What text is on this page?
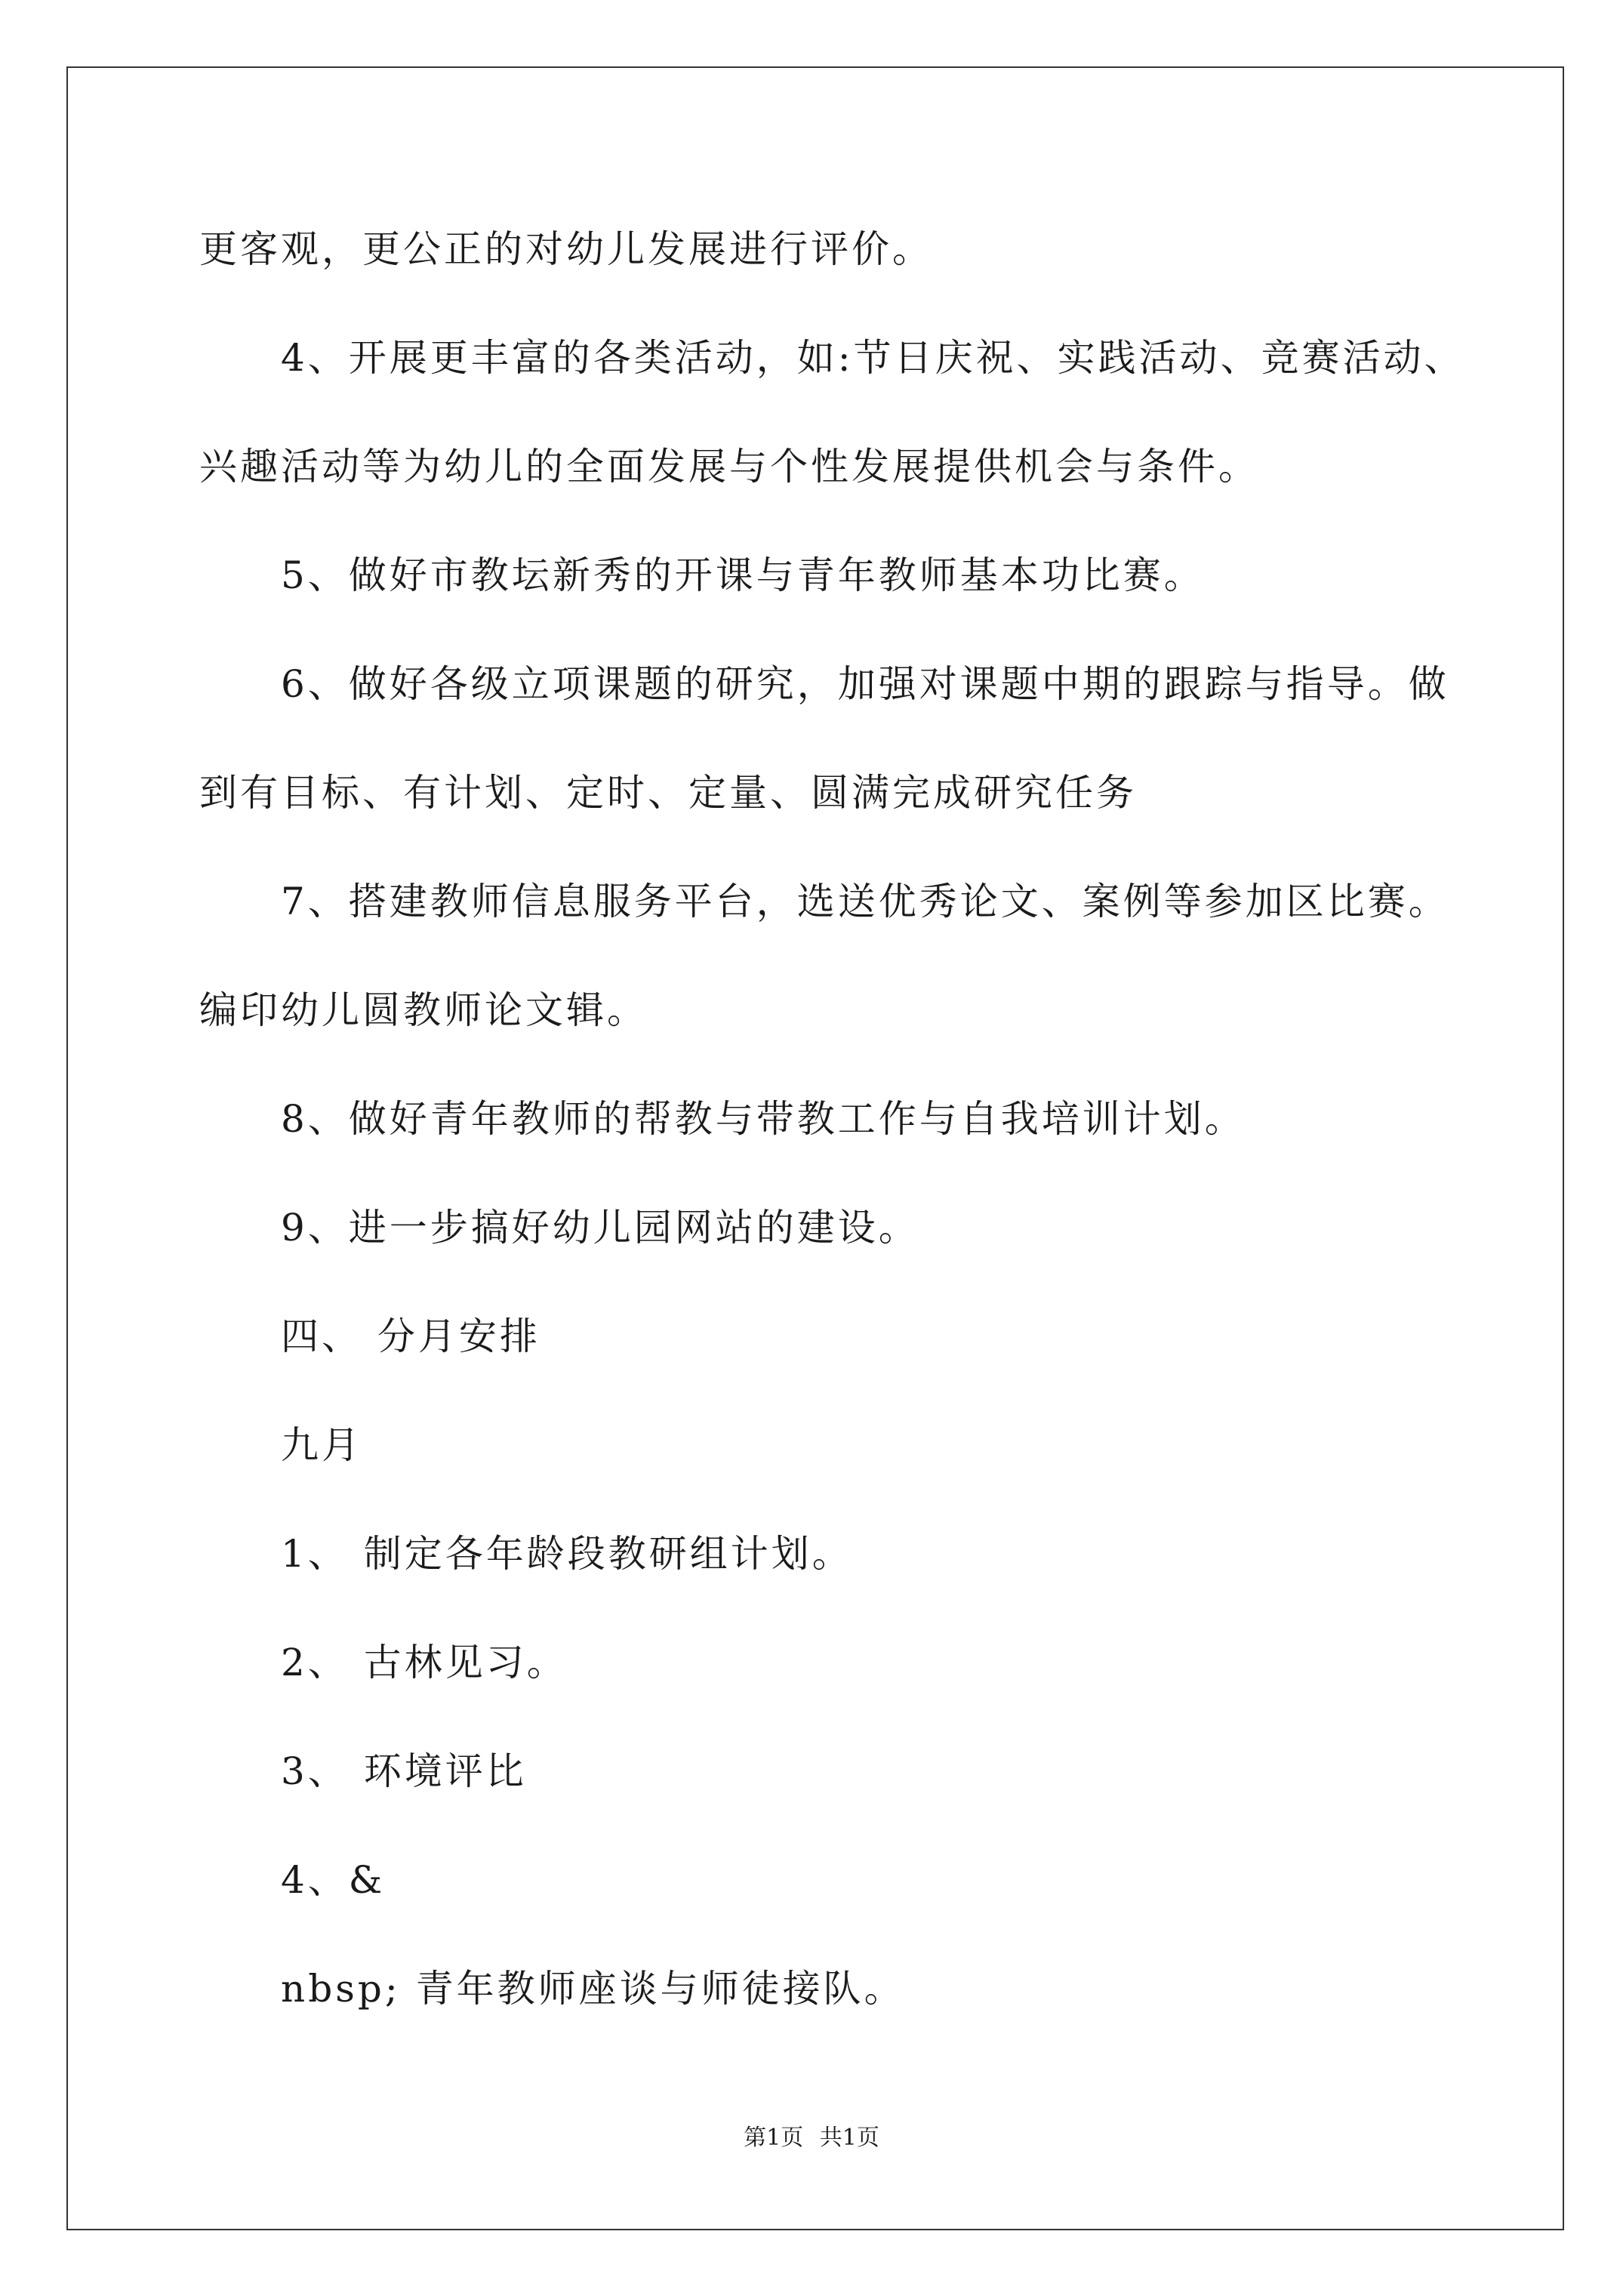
更客观，更公正的对幼儿发展进行评价。
4、开展更丰富的各类活动，如:节日庆祝、实践活动、竞赛活动、
兴趣活动等为幼儿的全面发展与个性发展提供机会与条件。
5、做好市教坛新秀的开课与青年教师基本功比赛。
6、做好各级立项课题的研究，加强对课题中期的跟踪与指导。做
到有目标、有计划、定时、定量、圆满完成研究任务
7、搭建教师信息服务平台，选送优秀论文、案例等参加区比赛。
编印幼儿圆教师论文辑。
8、做好青年教师的帮教与带教工作与自我培训计划。
9、进一步搞好幼儿园网站的建设。
四、 分月安排
九月
1、 制定各年龄段教研组计划。
2、 古林见习。
3、 环境评比
4、&
nbsp; 青年教师座谈与师徒接队。
第1页 共1页
